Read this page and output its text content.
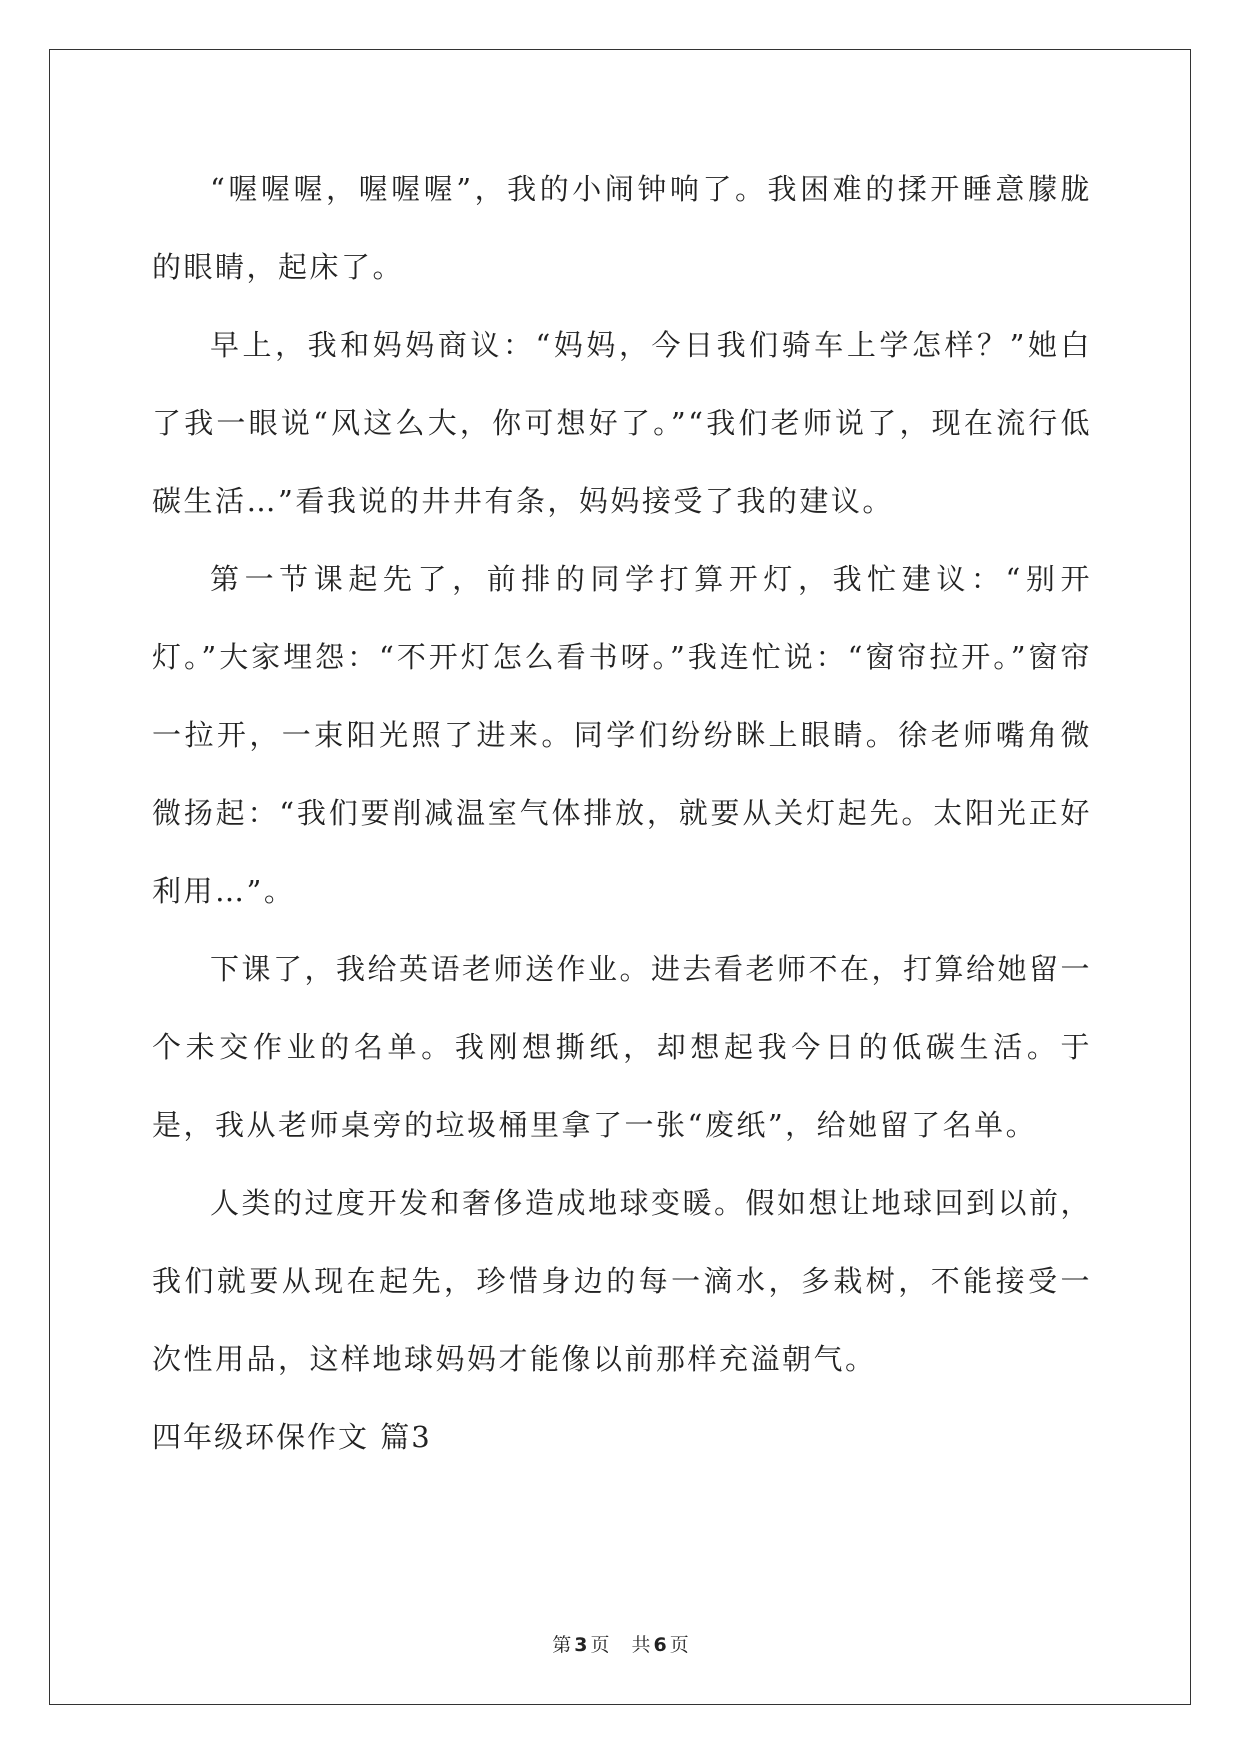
“喔喔喔，喔喔喔”，我的小闹钟响了。我困难的揉开睡意朦胧的眼睛，起床了。

早上，我和妈妈商议：“妈妈，今日我们骑车上学怎样？”她白了我一眼说“风这么大，你可想好了。”“我们老师说了，现在流行低碳生活…”看我说的井井有条，妈妈接受了我的建议。

第一节课起先了，前排的同学打算开灯，我忙建议：“别开灯。”大家埋怨：“不开灯怎么看书呀。”我连忙说：“窗帘拉开。”窗帘一拉开，一束阳光照了进来。同学们纷纷眯上眼睛。徐老师嘴角微微扬起：“我们要削减温室气体排放，就要从关灯起先。太阳光正好利用…”。

下课了，我给英语老师送作业。进去看老师不在，打算给她留一个未交作业的名单。我刚想撕纸，却想起我今日的低碳生活。于是，我从老师桌旁的垃圾桶里拿了一张“废纸”，给她留了名单。

人类的过度开发和奢侈造成地球变暖。假如想让地球回到以前，我们就要从现在起先，珍惜身边的每一滴水，多栽树，不能接受一次性用品，这样地球妈妈才能像以前那样充溢朝气。

四年级环保作文 篇3

第 3 页 共 6 页
